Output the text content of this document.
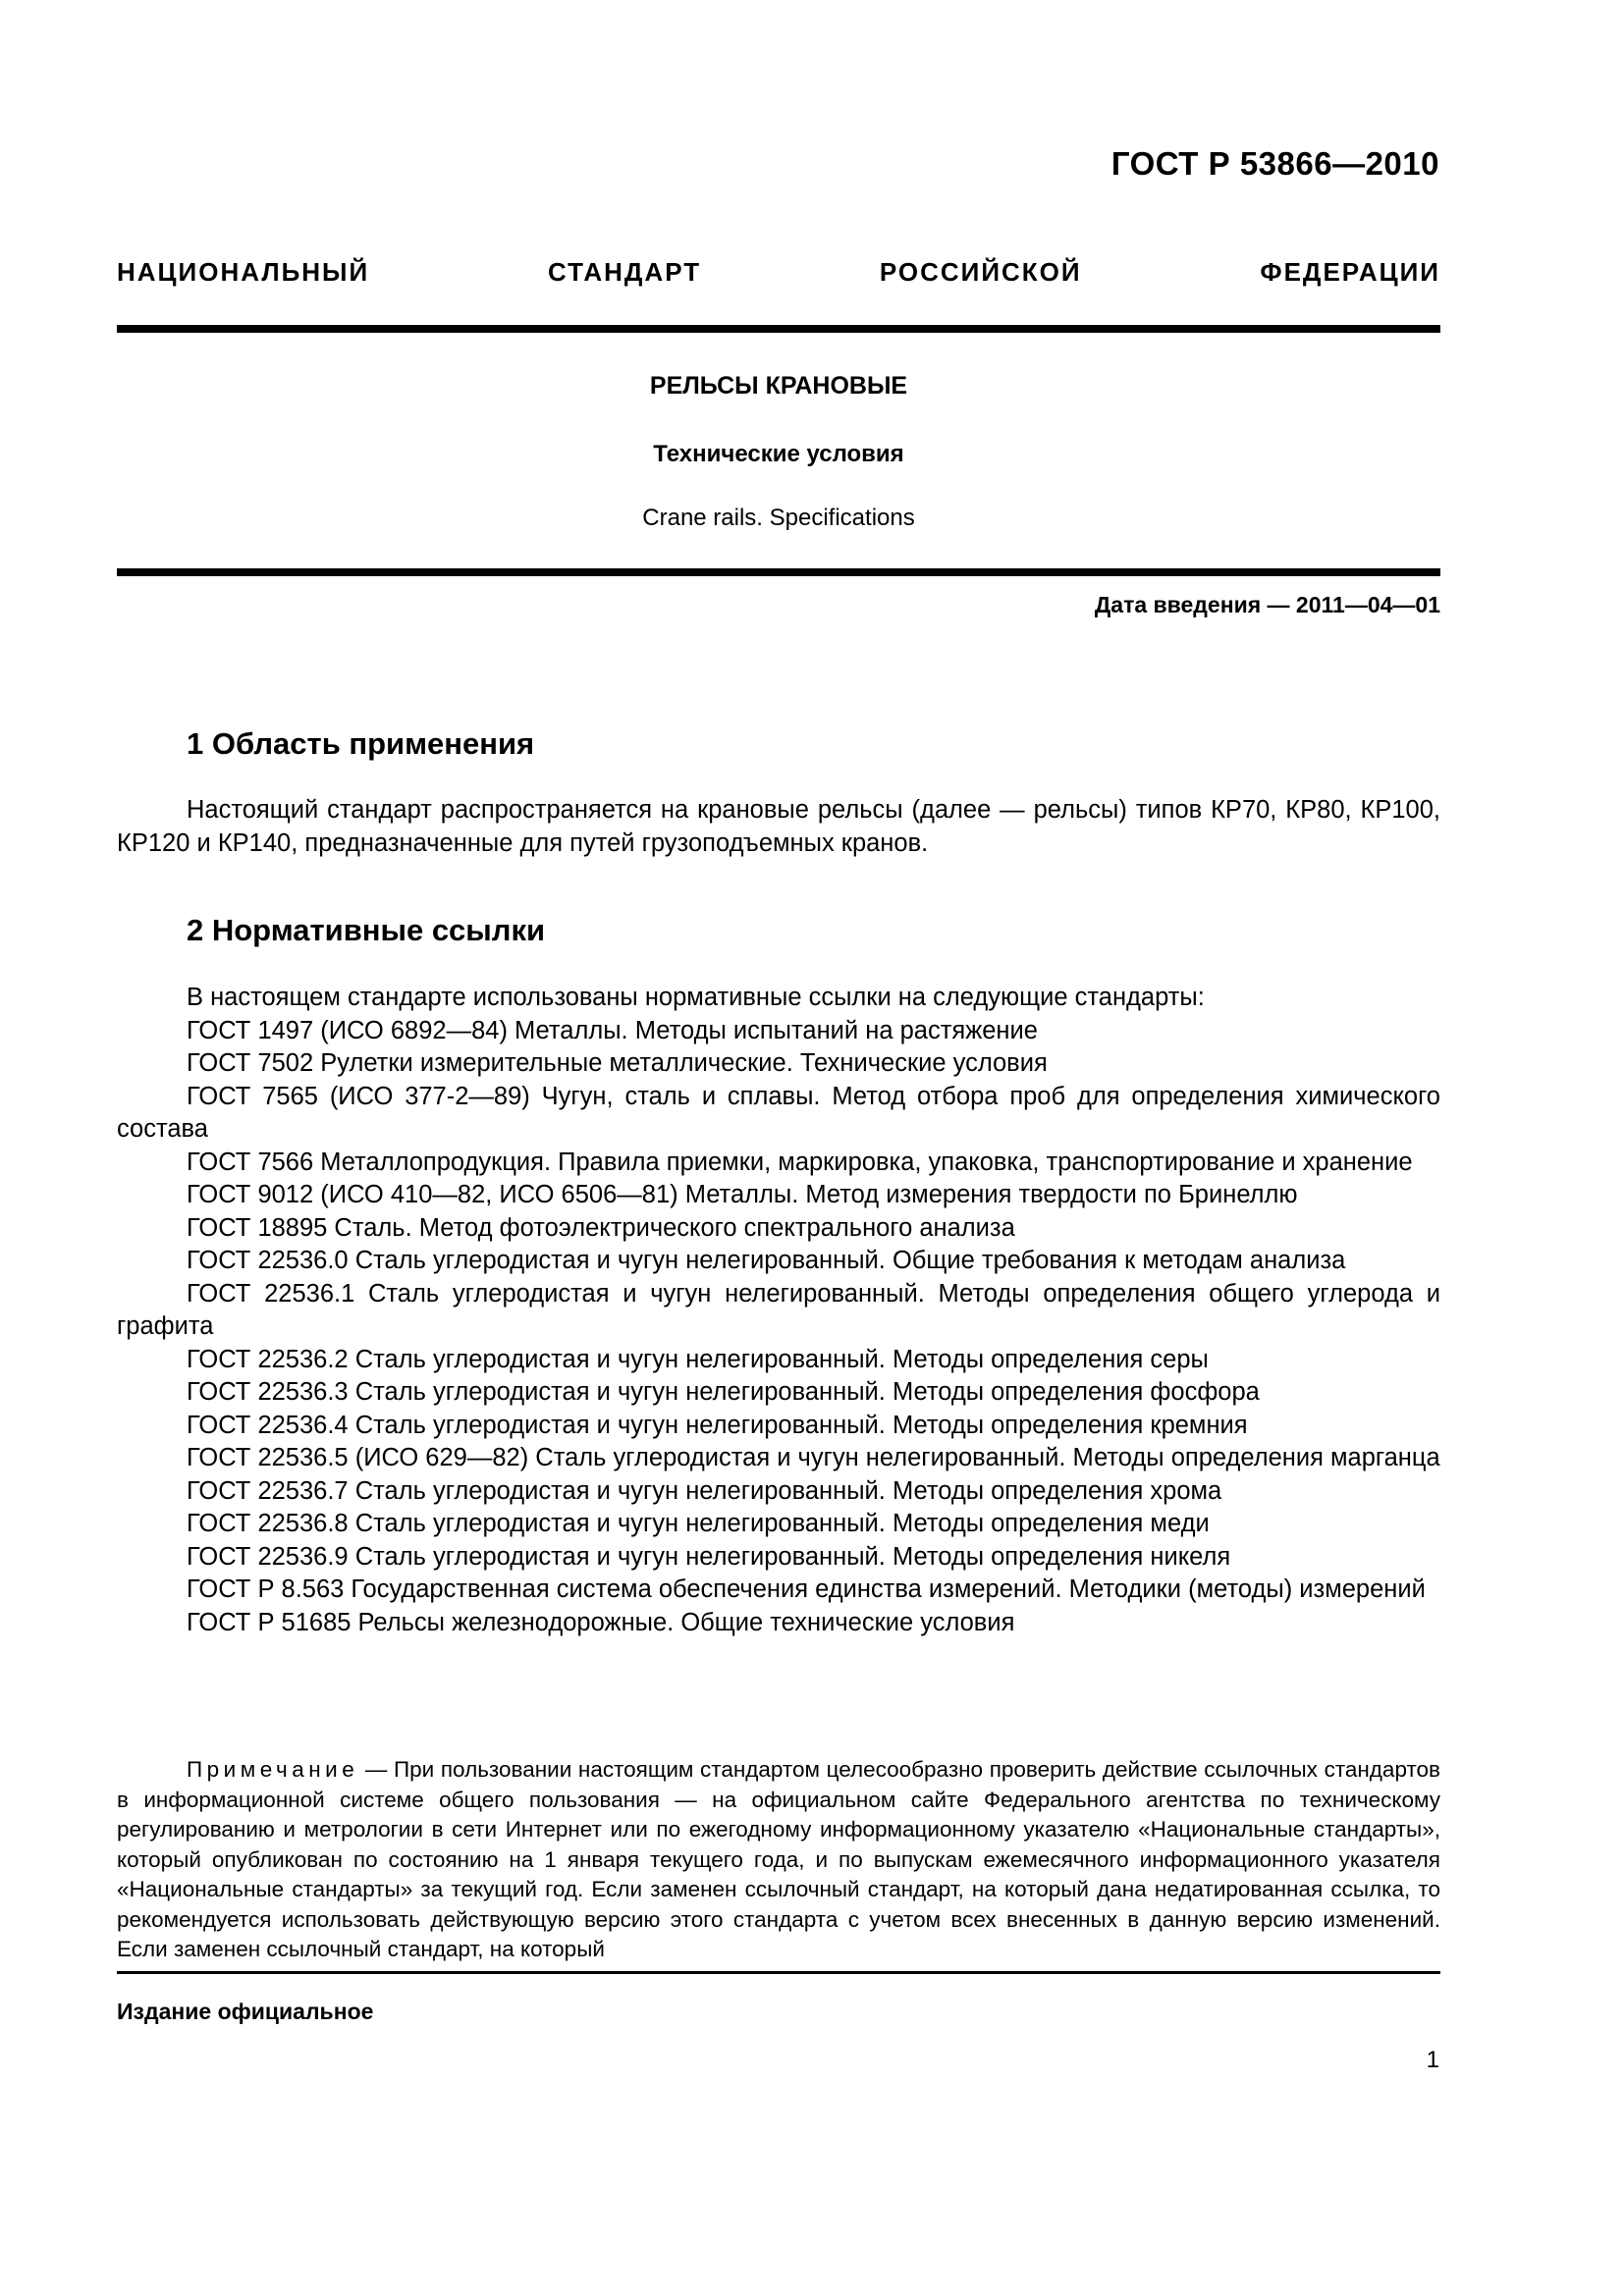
ГОСТ Р 53866—2010
НАЦИОНАЛЬНЫЙ СТАНДАРТ РОССИЙСКОЙ ФЕДЕРАЦИИ
РЕЛЬСЫ КРАНОВЫЕ
Технические условия
Crane rails. Specifications
Дата введения — 2011—04—01
1 Область применения

Настоящий стандарт распространяется на крановые рельсы (далее — рельсы) типов КР70, КР80, КР100, КР120 и КР140, предназначенные для путей грузоподъемных кранов.

2 Нормативные ссылки
В настоящем стандарте использованы нормативные ссылки на следующие стандарты:
ГОСТ 1497 (ИСО 6892—84) Металлы. Методы испытаний на растяжение
ГОСТ 7502 Рулетки измерительные металлические. Технические условия
ГОСТ 7565 (ИСО 377-2—89) Чугун, сталь и сплавы. Метод отбора проб для определения химического состава
ГОСТ 7566 Металлопродукция. Правила приемки, маркировка, упаковка, транспортирование и хранение
ГОСТ 9012 (ИСО 410—82, ИСО 6506—81) Металлы. Метод измерения твердости по Бринеллю
ГОСТ 18895 Сталь. Метод фотоэлектрического спектрального анализа
ГОСТ 22536.0 Сталь углеродистая и чугун нелегированный. Общие требования к методам анализа
ГОСТ 22536.1 Сталь углеродистая и чугун нелегированный. Методы определения общего углерода и графита
ГОСТ 22536.2 Сталь углеродистая и чугун нелегированный. Методы определения серы
ГОСТ 22536.3 Сталь углеродистая и чугун нелегированный. Методы определения фосфора
ГОСТ 22536.4 Сталь углеродистая и чугун нелегированный. Методы определения кремния
ГОСТ 22536.5 (ИСО 629—82) Сталь углеродистая и чугун нелегированный. Методы определения марганца
ГОСТ 22536.7 Сталь углеродистая и чугун нелегированный. Методы определения хрома
ГОСТ 22536.8 Сталь углеродистая и чугун нелегированный. Методы определения меди
ГОСТ 22536.9 Сталь углеродистая и чугун нелегированный. Методы определения никеля
ГОСТ Р 8.563 Государственная система обеспечения единства измерений. Методики (методы) измерений
ГОСТ Р 51685 Рельсы железнодорожные. Общие технические условия
Примечание — При пользовании настоящим стандартом целесообразно проверить действие ссылочных стандартов в информационной системе общего пользования — на официальном сайте Федерального агентства по техническому регулированию и метрологии в сети Интернет или по ежегодному информационному указателю «Национальные стандарты», который опубликован по состоянию на 1 января текущего года, и по выпускам ежемесячного информационного указателя «Национальные стандарты» за текущий год. Если заменен ссылочный стандарт, на который дана недатированная ссылка, то рекомендуется использовать действующую версию этого стандарта с учетом всех внесенных в данную версию изменений. Если заменен ссылочный стандарт, на который
Издание официальное
1
